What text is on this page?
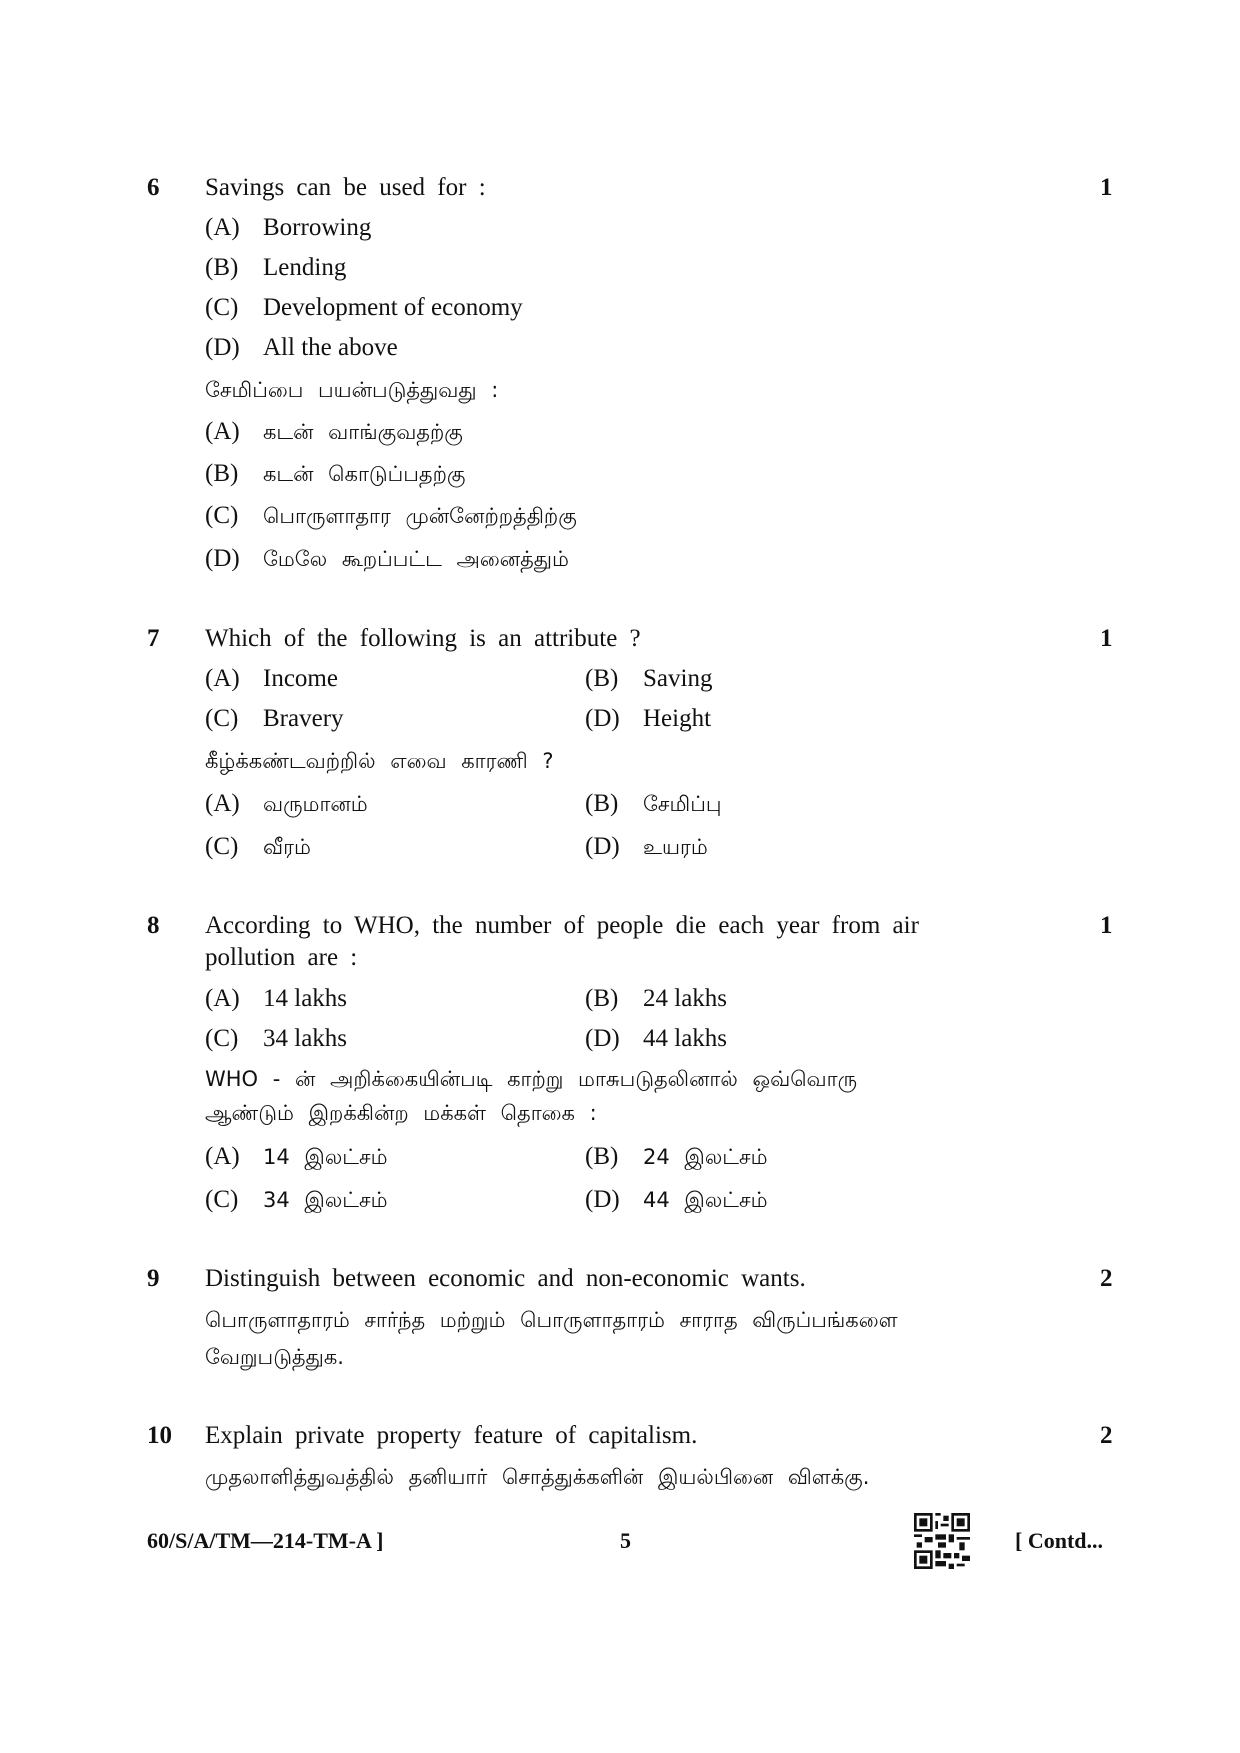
6	1
Savings can be used for :
(A) Borrowing
(B) Lending
(C) Development of economy
(D) All the above
சேமிப்பை பயன்படுத்துவது :
(A) கடன் வாங்குவதற்கு
(B) கடன் கொடுப்பதற்கு
(C) பொருளாதார முன்னேற்றத்திற்கு
(D) மேலே கூறப்பட்ட அனைத்தும்
7	1
Which of the following is an attribute ?
(A) Income	(B) Saving
(C) Bravery	(D) Height
கீழ்க்கண்டவற்றில் எவை காரணி ?
(A) வருமானம்	(B) சேமிப்பு
(C) வீரம்	(D) உயரம்
8	1
According to WHO, the number of people die each year from air
pollution are :
(A) 14 lakhs	(B) 24 lakhs
(C) 34 lakhs	(D) 44 lakhs
WHO - ன் அறிக்கையின்படி காற்று மாசுபடுதலினால் ஒவ்வொரு
ஆண்டும் இறக்கின்ற மக்கள் தொகை :
(A) 14 இலட்சம்	(B) 24 இலட்சம்
(C) 34 இலட்சம்	(D) 44 இலட்சம்
9	2
Distinguish between economic and non-economic wants.
பொருளாதாரம் சார்ந்த மற்றும் பொருளாதாரம் சாராத விருப்பங்களை
வேறுபடுத்துக.
10	2
Explain private property feature of capitalism.
முதலாளித்துவத்தில் தனியார் சொத்துக்களின் இயல்பினை விளக்கு.
60/S/A/TM—214-TM-A ]	5	[ Contd...
